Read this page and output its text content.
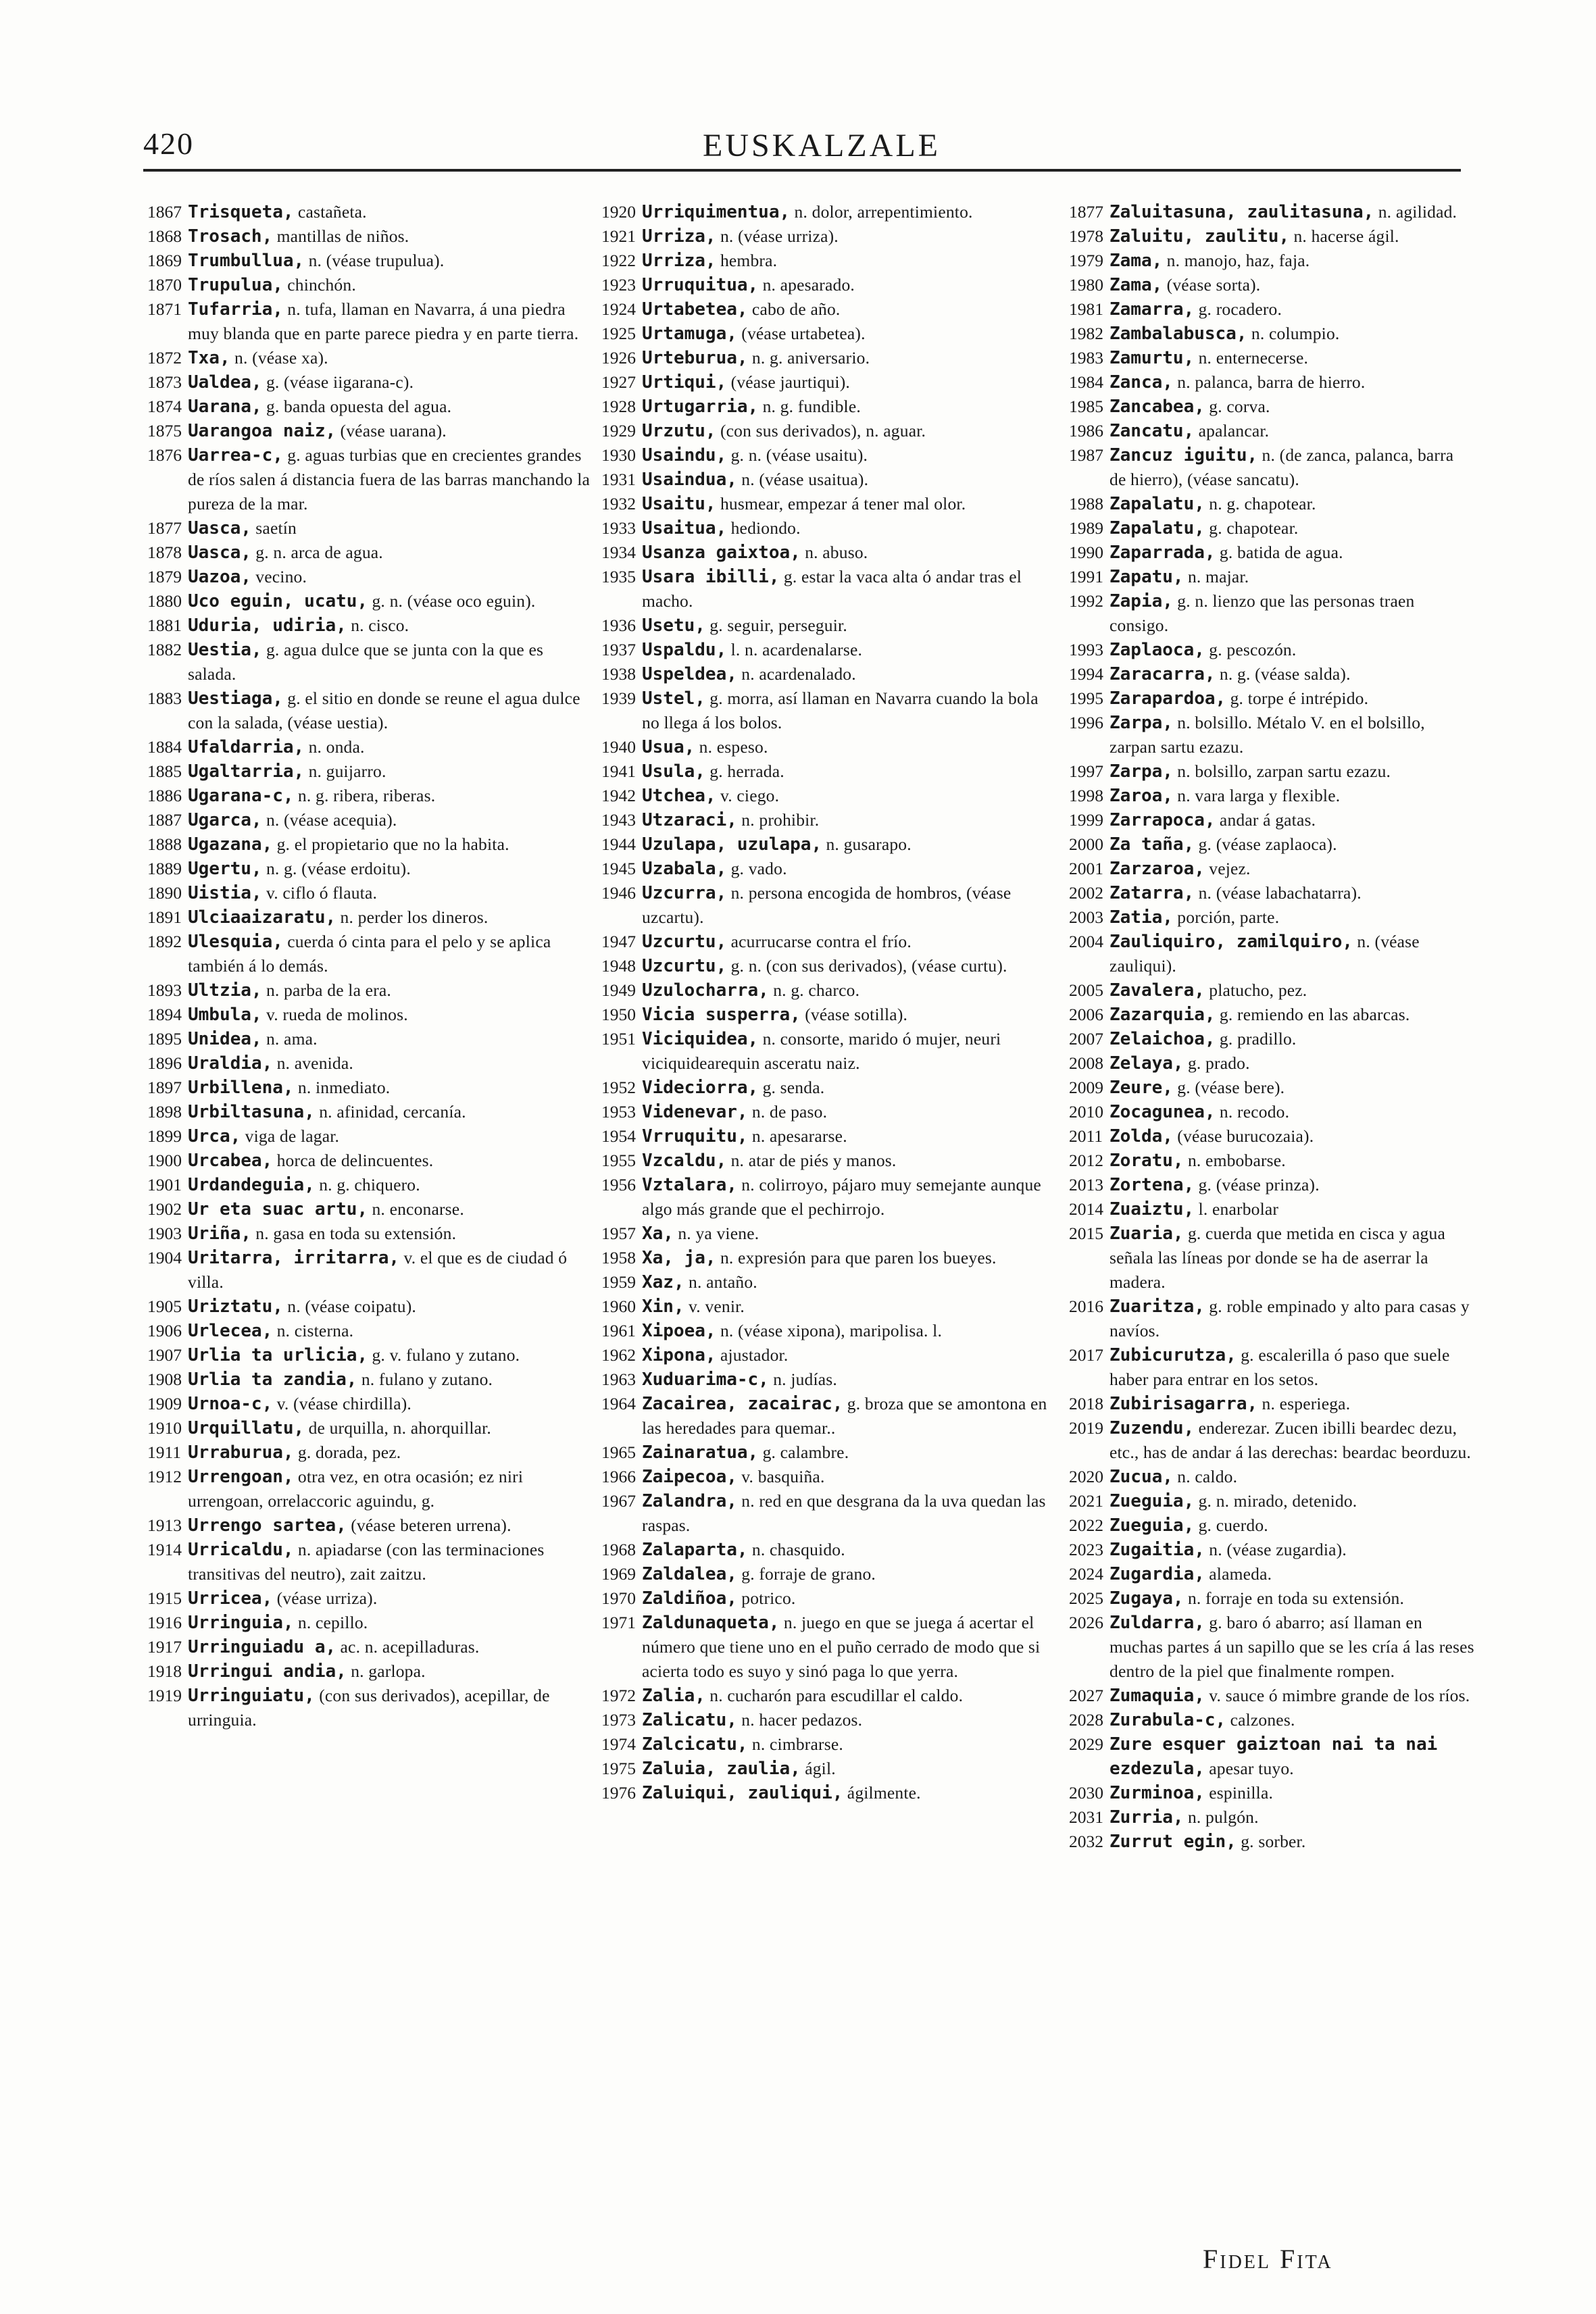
420	EUSKALZALE
1867 Trisqueta, castañeta.
1868 Trosach, mantillas de niños.
1869 Trumbullua, n. (véase trupulua).
1870 Trupulua, chinchón.
1871 Tufarria, n. tufa, llaman en Navarra, á una piedra muy blanda que en parte parece piedra y en parte tierra.
1872 Txa, n. (véase xa).
1873 Ualdea, g. (véase iigarana-c).
1874 Uarana, g. banda opuesta del agua.
1875 Uarangoa naiz, (véase uarana).
1876 Uarrea-c, g. aguas turbias que en crecientes grandes de ríos salen á distancia fuera de las barras manchando la pureza de la mar.
1877 Uasca, saetín
1878 Uasca, g. n. arca de agua.
1879 Uazoa, vecino.
1880 Uco eguin, ucatu, g. n. (véase oco eguin).
1881 Uduria, udiria, n. cisco.
1882 Uestia, g. agua dulce que se junta con la que es salada.
1883 Uestiaga, g. el sitio en donde se reune el agua dulce con la salada, (véase uestia).
1884 Ufaldarria, n. onda.
1885 Ugaltarria, n. guijarro.
1886 Ugarana-c, n. g. ribera, riberas.
1887 Ugarca, n. (véase acequia).
1888 Ugazana, g. el propietario que no la habita.
1889 Ugertu, n. g. (véase erdoitu).
1890 Uistia, v. ciflo ó flauta.
1891 Ulciaaizaratu, n. perder los dineros.
1892 Ulesquia, cuerda ó cinta para el pelo y se aplica también á lo demás.
1893 Ultzia, n. parba de la era.
1894 Umbula, v. rueda de molinos.
1895 Unidea, n. ama.
1896 Uraldia, n. avenida.
1897 Urbillena, n. inmediato.
1898 Urbiltasuna, n. afinidad, cercanía.
1899 Urca, viga de lagar.
1900 Urcabea, horca de delincuentes.
1901 Urdandeguia, n. g. chiquero.
1902 Ur eta suac artu, n. enconarse.
1903 Uriña, n. gasa en toda su extensión.
1904 Uritarra, irritarra, v. el que es de ciudad ó villa.
1905 Uriztatu, n. (véase coipatu).
1906 Urlecea, n. cisterna.
1907 Urlia ta urlicia, g. v. fulano y zutano.
1908 Urlia ta zandia, n. fulano y zutano.
1909 Urnoa-c, v. (véase chirdilla).
1910 Urquillatu, de urquilla, n. ahorquillar.
1911 Urraburua, g. dorada, pez.
1912 Urrengoan, otra vez, en otra ocasión; ez niri urrengoan, orrelaccoric aguindu, g.
1913 Urrengo sartea, (véase beteren urrena).
1914 Urricaldu, n. apiadarse (con las terminaciones transitivas del neutro), zait zaitzu.
1915 Urricea, (véase urriza).
1916 Urringuia, n. cepillo.
1917 Urringuiadu a, ac. n. acepilladuras.
1918 Urringui andia, n. garlopa.
1919 Urringuiatu, (con sus derivados), acepillar, de urringuia.
1920 Urriquimentua, n. dolor, arrepentimiento.
1921 Urriza, n. (véase urriza).
1922 Urriza, hembra.
1923 Urruquitua, n. apesarado.
1924 Urtabetea, cabo de año.
1925 Urtamuga, (véase urtabetea).
1926 Urteburua, n. g. aniversario.
1927 Urtiqui, (véase jaurtiqui).
1928 Urtugarria, n. g. fundible.
1929 Urzutu, (con sus derivados), n. aguar.
1930 Usaindu, g. n. (véase usaitu).
1931 Usaindua, n. (véase usaitua).
1932 Usaitu, husmear, empezar á tener mal olor.
1933 Usaitua, hediondo.
1934 Usanza gaixtoa, n. abuso.
1935 Usara ibilli, g. estar la vaca alta ó andar tras el macho.
1936 Usetu, g. seguir, perseguir.
1937 Uspaldu, l. n. acardenalarse.
1938 Uspeldea, n. acardenalado.
1939 Ustel, g. morra, así llaman en Navarra cuando la bola no llega á los bolos.
1940 Usua, n. espeso.
1941 Usula, g. herrada.
1942 Utchea, v. ciego.
1943 Utzaraci, n. prohibir.
1944 Uzulapa, uzulapa, n. gusarapo.
1945 Uzabala, g. vado.
1946 Uzcurra, n. persona encogida de hombros, (véase uzcartu).
1947 Uzcurtu, acurrucarse contra el frío.
1948 Uzcurtu, g. n. (con sus derivados), (véase curtu).
1949 Uzulocharra, n. g. charco.
1950 Vicia susperra, (véase sotilla).
1951 Viciquidea, n. consorte, marido ó mujer, neuri viciquidearequin asceratu naiz.
1952 Videciorra, g. senda.
1953 Videnevar, n. de paso.
1954 Vrruquitu, n. apesararse.
1955 Vzcaldu, n. atar de piés y manos.
1956 Vztalara, n. colirroyo, pájaro muy semejante aunque algo más grande que el pechirrojo.
1957 Xa, n. ya viene.
1958 Xa, ja, n. expresión para que paren los bueyes.
1959 Xaz, n. antaño.
1960 Xin, v. venir.
1961 Xipoea, n. (véase xipona), maripolisa. l.
1962 Xipona, ajustador.
1963 Xuduarima-c, n. judías.
1964 Zacairea, zacairac, g. broza que se amontona en las heredades para quemar..
1965 Zainaratua, g. calambre.
1966 Zaipecoa, v. basquiña.
1967 Zalandra, n. red en que desgrana da la uva quedan las raspas.
1968 Zalaparta, n. chasquido.
1969 Zaldalea, g. forraje de grano.
1970 Zaldiñoa, potrico.
1971 Zaldunaqueta, n. juego en que se juega á acertar el número que tiene uno en el puño cerrado de modo que si acierta todo es suyo y sinó paga lo que yerra.
1972 Zalia, n. cucharón para escudillar el caldo.
1973 Zalicatu, n. hacer pedazos.
1974 Zalcicatu, n. cimbrarse.
1975 Zaluia, zaulia, ágil.
1976 Zaluiqui, zauliqui, ágilmente.
1877 Zaluitasuna, zaulitasuna, n. agilidad.
1978 Zaluitu, zaulitu, n. hacerse ágil.
1979 Zama, n. manojo, haz, faja.
1980 Zama, (véase sorta).
1981 Zamarra, g. rocadero.
1982 Zambalabusca, n. columpio.
1983 Zamurtu, n. enternecerse.
1984 Zanca, n. palanca, barra de hierro.
1985 Zancabea, g. corva.
1986 Zancatu, apalancar.
1987 Zancuz iguitu, n. (de zanca, palanca, barra de hierro), (véase sancatu).
1988 Zapalatu, n. g. chapotear.
1989 Zapalatu, g. chapotear.
1990 Zaparrada, g. batida de agua.
1991 Zapatu, n. majar.
1992 Zapia, g. n. lienzo que las personas traen consigo.
1993 Zaplaoca, g. pescozón.
1994 Zaracarra, n. g. (véase salda).
1995 Zarapardoa, g. torpe é intrépido.
1996 Zarpa, n. bolsillo. Métalo V. en el bolsillo, zarpan sartu ezazu.
1997 Zarpa, n. bolsillo, zarpan sartu ezazu.
1998 Zaroa, n. vara larga y flexible.
1999 Zarrapoca, andar á gatas.
2000 Za taña, g. (véase zaplaoca).
2001 Zarzaroa, vejez.
2002 Zatarra, n. (véase labachatarra).
2003 Zatia, porción, parte.
2004 Zauliquiro, zamilquiro, n. (véase zauliqui).
2005 Zavalera, platucho, pez.
2006 Zazarquia, g. remiendo en las abarcas.
2007 Zelaichoa, g. pradillo.
2008 Zelaya, g. prado.
2009 Zeure, g. (véase bere).
2010 Zocagunea, n. recodo.
2011 Zolda, (véase burucozaia).
2012 Zoratu, n. embobarse.
2013 Zortena, g. (véase prinza).
2014 Zuaiztu, l. enarbolar
2015 Zuaria, g. cuerda que metida en cisca y agua señala las líneas por donde se ha de aserrar la madera.
2016 Zuaritza, g. roble empinado y alto para casas y navíos.
2017 Zubicurutza, g. escalerilla ó paso que suele haber para entrar en los setos.
2018 Zubirisagarra, n. esperiega.
2019 Zuzendu, enderezar. Zucen ibilli beardec dezu, etc., has de andar á las derechas: beardac beorduzu.
2020 Zucua, n. caldo.
2021 Zueguia, g. n. mirado, detenido.
2022 Zueguia, g. cuerdo.
2023 Zugaitia, n. (véase zugardia).
2024 Zugardia, alameda.
2025 Zugaya, n. forraje en toda su extensión.
2026 Zuldarra, g. baro ó abarro; así llaman en muchas partes á un sapillo que se les cría á las reses dentro de la piel que finalmente rompen.
2027 Zumaquia, v. sauce ó mimbre grande de los ríos.
2028 Zurabula-c, calzones.
2029 Zure esquer gaiztoan nai ta nai ezdezula, apesar tuyo.
2030 Zurminoa, espinilla.
2031 Zurria, n. pulgón.
2032 Zurrut egin, g. sorber.
Fidel Fita
